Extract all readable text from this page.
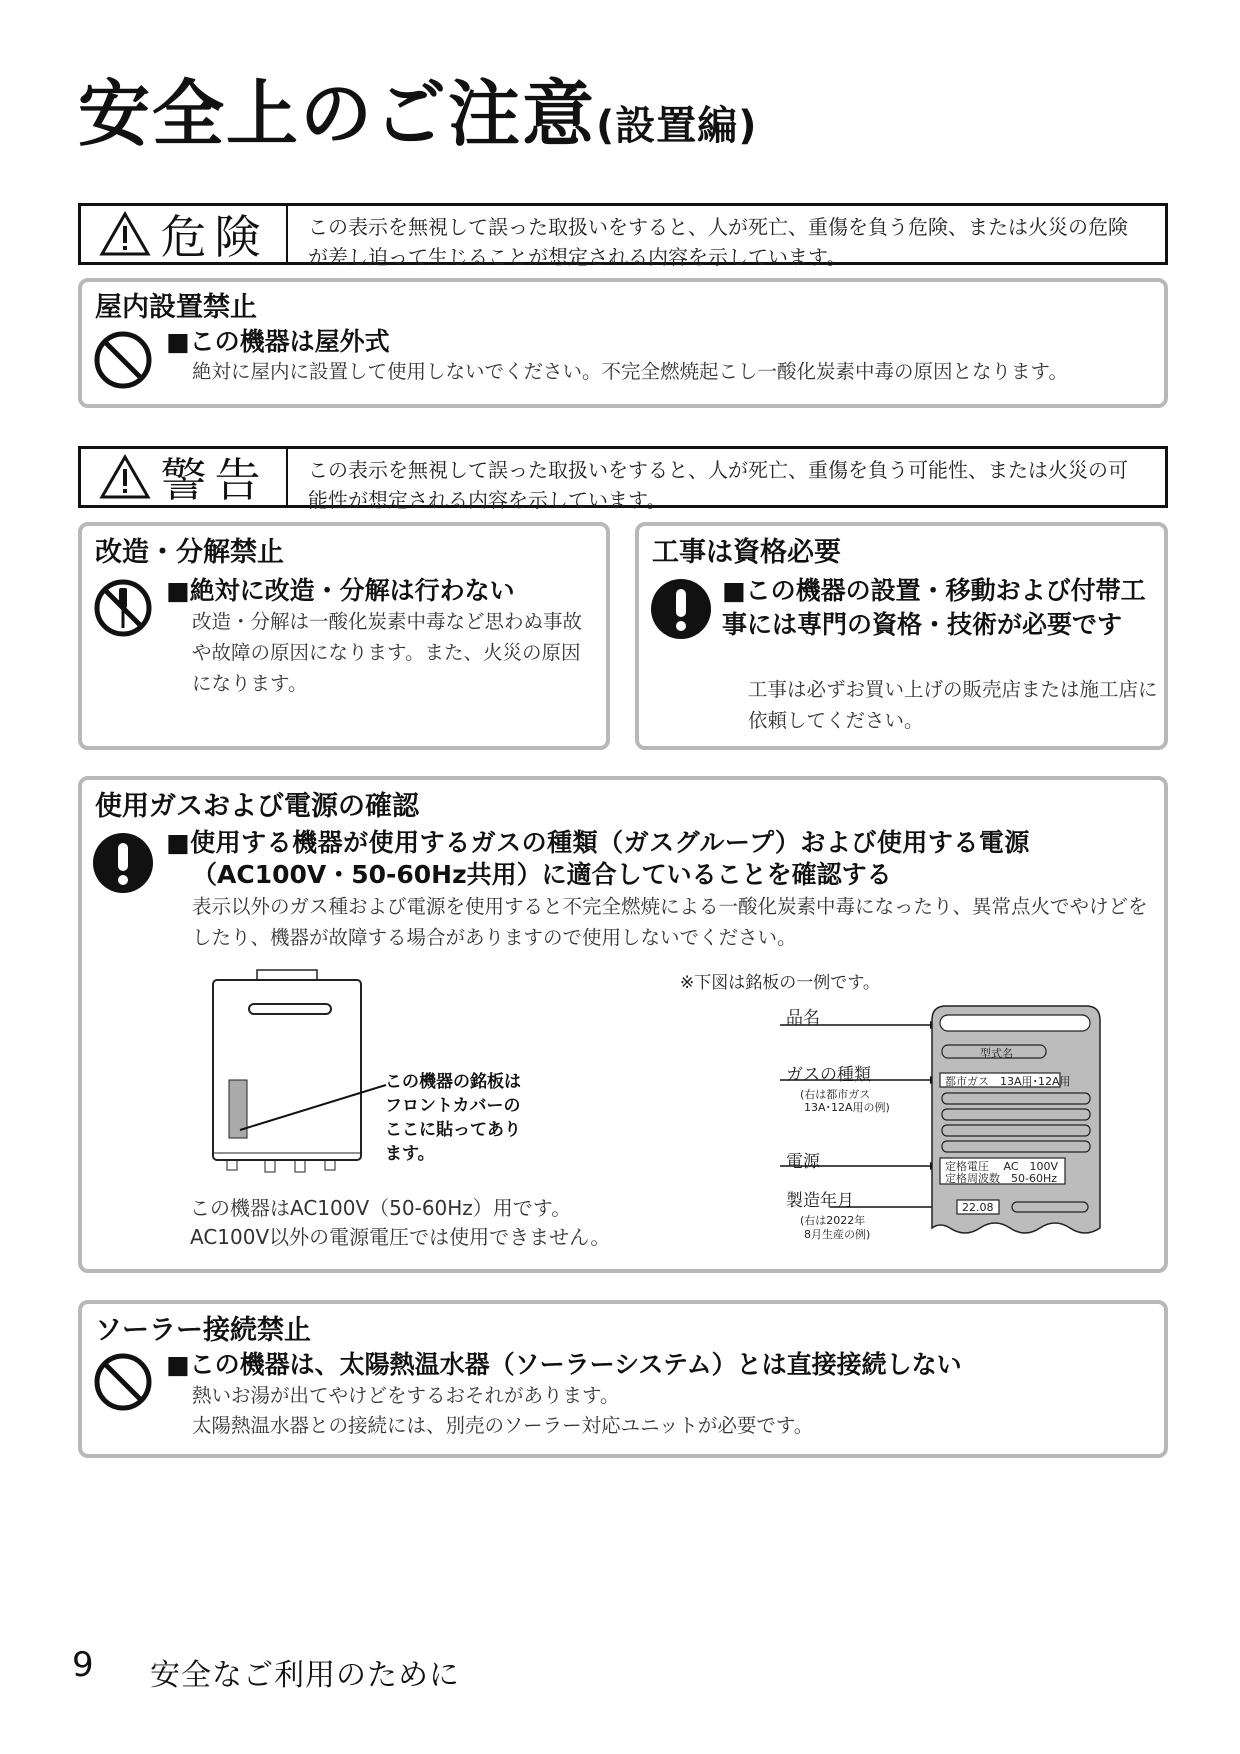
安全上のご注意(設置編)
危険	この表示を無視して誤った取扱いをすると、人が死亡、重傷を負う危険、または火災の危険が差し迫って生じることが想定される内容を示しています。
屋内設置禁止
■この機器は屋外式
絶対に屋内に設置して使用しないでください。不完全燃焼起こし一酸化炭素中毒の原因となります。
警告	この表示を無視して誤った取扱いをすると、人が死亡、重傷を負う可能性、または火災の可能性が想定される内容を示しています。
改造・分解禁止
■絶対に改造・分解は行わない
改造・分解は一酸化炭素中毒など思わぬ事故や故障の原因になります。また、火災の原因になります。
工事は資格必要
■この機器の設置・移動および付帯工事には専門の資格・技術が必要です
工事は必ずお買い上げの販売店または施工店に依頼してください。
使用ガスおよび電源の確認
■使用する機器が使用するガスの種類（ガスグループ）および使用する電源
（AC100V・50-60Hz共用）に適合していることを確認する
表示以外のガス種および電源を使用すると不完全燃焼による一酸化炭素中毒になったり、異常点火でやけどをしたり、機器が故障する場合がありますので使用しないでください。
この機器の銘板は
フロントカバーの
ここに貼ってあり
ます。
この機器はAC100V（50-60Hz）用です。
AC100V以外の電源電圧では使用できません。
※下図は銘板の一例です。
品名
ガスの種類
(右は都市ガス
13A･12A用の例)
電源
製造年月
(右は2022年
8月生産の例)
型式名
都市ガス　13A用･12A用
定格電圧　 AC　100V
定格周波数　50-60Hz
22.08
ソーラー接続禁止
■この機器は、太陽熱温水器（ソーラーシステム）とは直接接続しない
熱いお湯が出てやけどをするおそれがあります。
太陽熱温水器との接続には、別売のソーラー対応ユニットが必要です。
9 安全なご利用のために
